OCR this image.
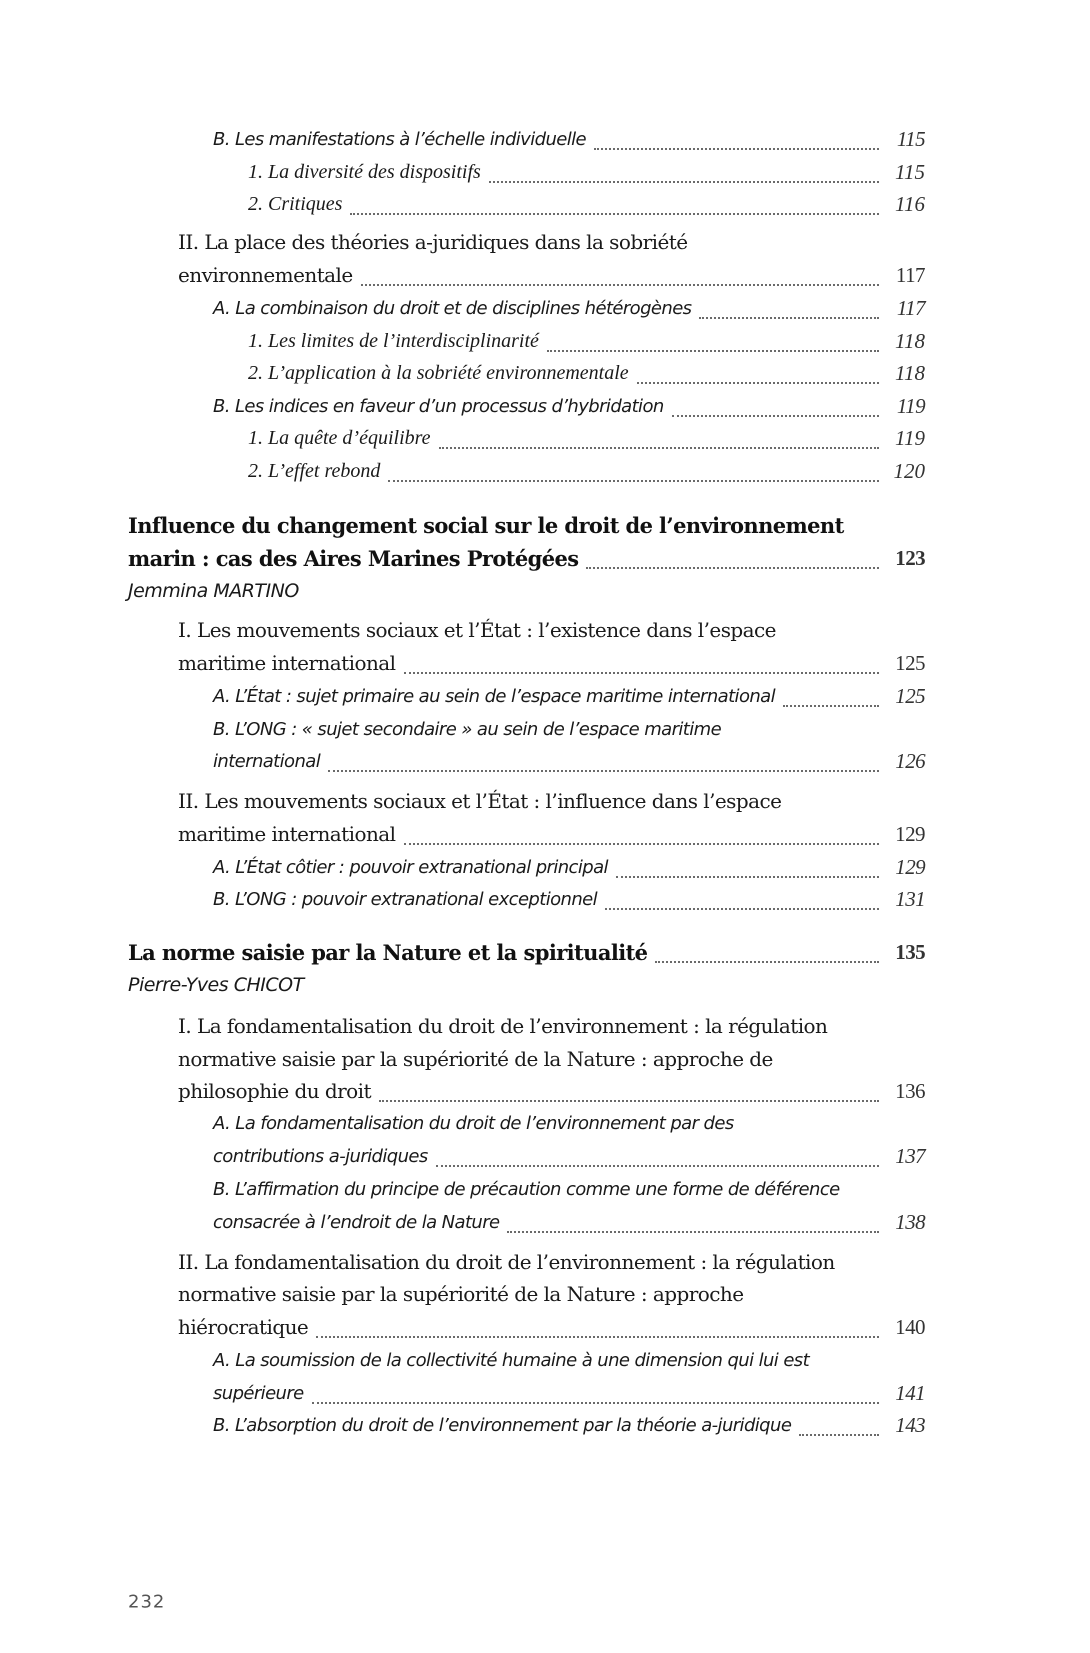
B. Les manifestations à l’échelle individuelle	115
1. La diversité des dispositifs	115
2. Critiques	116
II. La place des théories a-juridiques dans la sobriété
environnementale	117
A. La combinaison du droit et de disciplines hétérogènes	117
1. Les limites de l’interdisciplinarité	118
2. L’application à la sobriété environnementale	118
B. Les indices en faveur d’un processus d’hybridation	119
1. La quête d’équilibre	119
2. L’effet rebond	120
Influence du changement social sur le droit de l’environnement
marin : cas des Aires Marines Protégées	123
Jemmina MARTINO
I. Les mouvements sociaux et l’État : l’existence dans l’espace
maritime international	125
A. L’État : sujet primaire au sein de l’espace maritime international	125
B. L’ONG : « sujet secondaire » au sein de l’espace maritime
international	126
II. Les mouvements sociaux et l’État : l’influence dans l’espace
maritime international	129
A. L’État côtier : pouvoir extranational principal	129
B. L’ONG : pouvoir extranational exceptionnel	131
La norme saisie par la Nature et la spiritualité	135
Pierre-Yves CHICOT
I. La fondamentalisation du droit de l’environnement : la régulation
normative saisie par la supériorité de la Nature : approche de
philosophie du droit	136
A. La fondamentalisation du droit de l’environnement par des
contributions a-juridiques	137
B. L’affirmation du principe de précaution comme une forme de déférence
consacrée à l’endroit de la Nature	138
II. La fondamentalisation du droit de l’environnement : la régulation
normative saisie par la supériorité de la Nature : approche
hiérocratique	140
A. La soumission de la collectivité humaine à une dimension qui lui est
supérieure	141
B. L’absorption du droit de l’environnement par la théorie a-juridique	143
232
